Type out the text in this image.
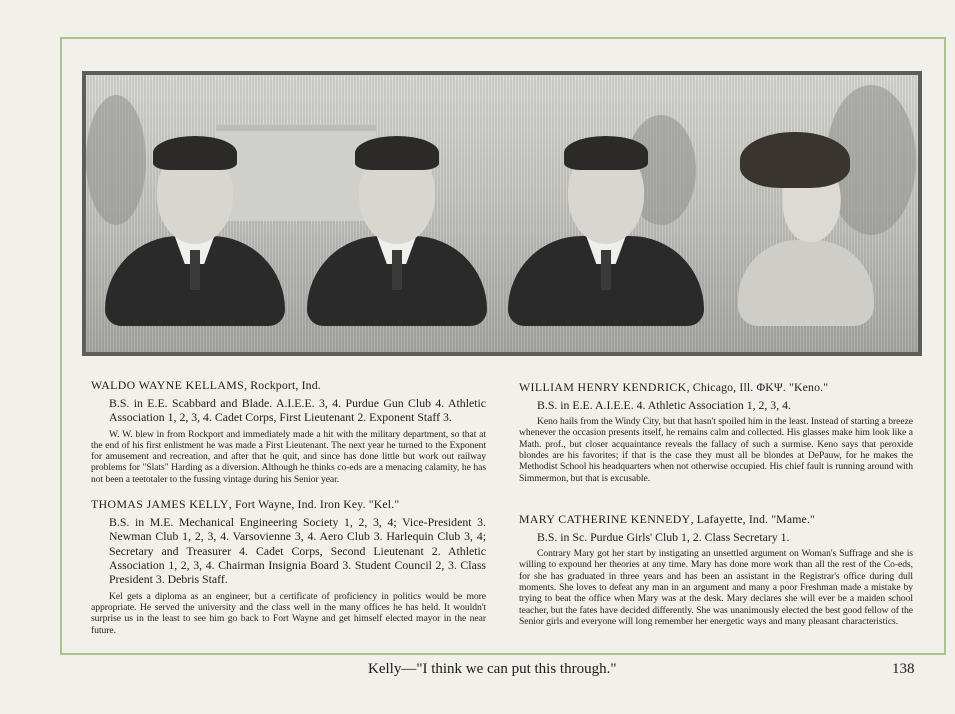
WALDO WAYNE KELLAMS, Rockport, Ind.

B.S. in E.E. Scabbard and Blade. A.I.E.E. 3, 4. Purdue Gun Club 4. Athletic Association 1, 2, 3, 4. Cadet Corps, First Lieutenant 2. Exponent Staff 3.

W. W. blew in from Rockport and immediately made a hit with the military department, so that at the end of his first enlistment he was made a First Lieutenant. The next year he turned to the Exponent for amusement and recreation, and after that he quit, and since has done little but work out railway problems for "Slats" Harding as a diversion. Although he thinks co-eds are a menacing calamity, he has not been a teetotaler to the fussing vintage during his Senior year.

THOMAS JAMES KELLY, Fort Wayne, Ind. Iron Key. "Kel."

B.S. in M.E. Mechanical Engineering Society 1, 2, 3, 4; Vice-President 3. Newman Club 1, 2, 3, 4. Varsovienne 3, 4. Aero Club 3. Harlequin Club 3, 4; Secretary and Treasurer 4. Cadet Corps, Second Lieutenant 2. Athletic Association 1, 2, 3, 4. Chairman Insignia Board 3. Student Council 2, 3. Class President 3. Debris Staff.

Kel gets a diploma as an engineer, but a certificate of proficiency in politics would be more appropriate. He served the university and the class well in the many offices he has held. It wouldn't surprise us in the least to see him go back to Fort Wayne and get himself elected mayor in the near future.

WILLIAM HENRY KENDRICK, Chicago, Ill. ΦΚΨ. "Keno."

B.S. in E.E. A.I.E.E. 4. Athletic Association 1, 2, 3, 4.

Keno hails from the Windy City, but that hasn't spoiled him in the least. Instead of starting a breeze whenever the occasion presents itself, he remains calm and collected. His glasses make him look like a Math. prof., but closer acquaintance reveals the fallacy of such a surmise. Keno says that peroxide blondes are his favorites; if that is the case they must all be blondes at DePauw, for he makes the Methodist School his headquarters when not otherwise occupied. His chief fault is running around with Simmermon, but that is excusable.

MARY CATHERINE KENNEDY, Lafayette, Ind. "Mame."

B.S. in Sc. Purdue Girls' Club 1, 2. Class Secretary 1.

Contrary Mary got her start by instigating an unsettled argument on Woman's Suffrage and she is willing to expound her theories at any time. Mary has done more work than all the rest of the Co-eds, for she has graduated in three years and has been an assistant in the Registrar's office during dull moments. She loves to defeat any man in an argument and many a poor Freshman made a mistake by trying to beat the office when Mary was at the desk. Mary declares she will ever be a maiden school teacher, but the fates have decided differently. She was unanimously elected the best good fellow of the Senior girls and everyone will long remember her energetic ways and many pleasant characteristics.

Kelly—"I think we can put this through."	138
